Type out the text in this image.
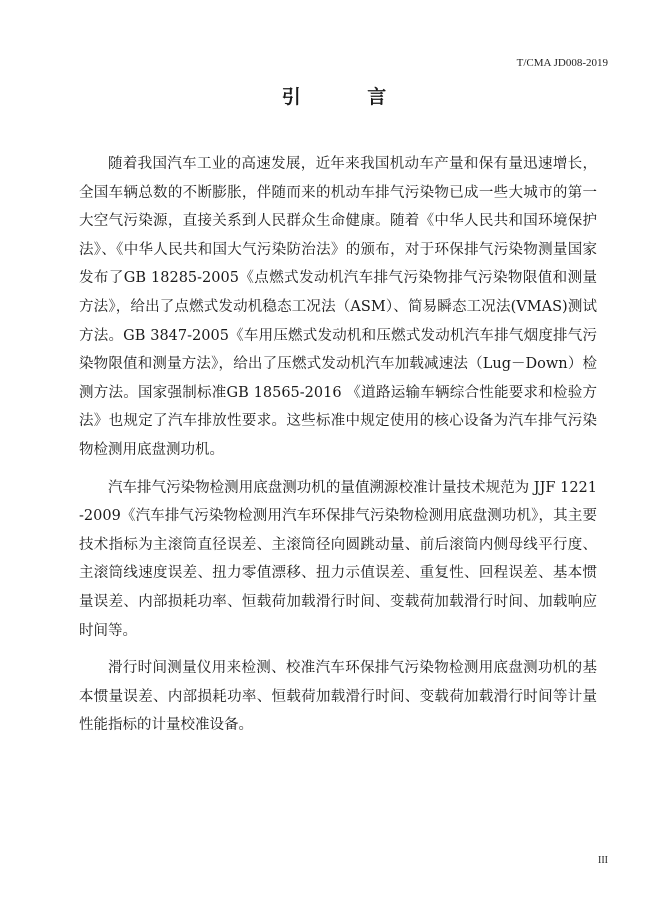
T/CMA JD008-2019
引 言

随着我国汽车工业的高速发展，近年来我国机动车产量和保有量迅速增长，全国车辆总数的不断膨胀，伴随而来的机动车排气污染物已成一些大城市的第一大空气污染源，直接关系到人民群众生命健康。随着《中华人民共和国环境保护法》、《中华人民共和国大气污染防治法》的颁布，对于环保排气污染物测量国家发布了GB 18285-2005《点燃式发动机汽车排气污染物排气污染物限值和测量方法》，给出了点燃式发动机稳态工况法（ASM）、简易瞬态工况法(VMAS)测试方法。GB 3847-2005《车用压燃式发动机和压燃式发动机汽车排气烟度排气污染物限值和测量方法》，给出了压燃式发动机汽车加载减速法（Lug－Down）检测方法。国家强制标准GB 18565-2016 《道路运输车辆综合性能要求和检验方法》也规定了汽车排放性要求。这些标准中规定使用的核心设备为汽车排气污染物检测用底盘测功机。

汽车排气污染物检测用底盘测功机的量值溯源校准计量技术规范为 JJF 1221-2009《汽车排气污染物检测用汽车环保排气污染物检测用底盘测功机》，其主要技术指标为主滚筒直径误差、主滚筒径向圆跳动量、前后滚筒内侧母线平行度、主滚筒线速度误差、扭力零值漂移、扭力示值误差、重复性、回程误差、基本惯量误差、内部损耗功率、恒载荷加载滑行时间、变载荷加载滑行时间、加载响应时间等。

滑行时间测量仪用来检测、校准汽车环保排气污染物检测用底盘测功机的基本惯量误差、内部损耗功率、恒载荷加载滑行时间、变载荷加载滑行时间等计量性能指标的计量校准设备。

III
